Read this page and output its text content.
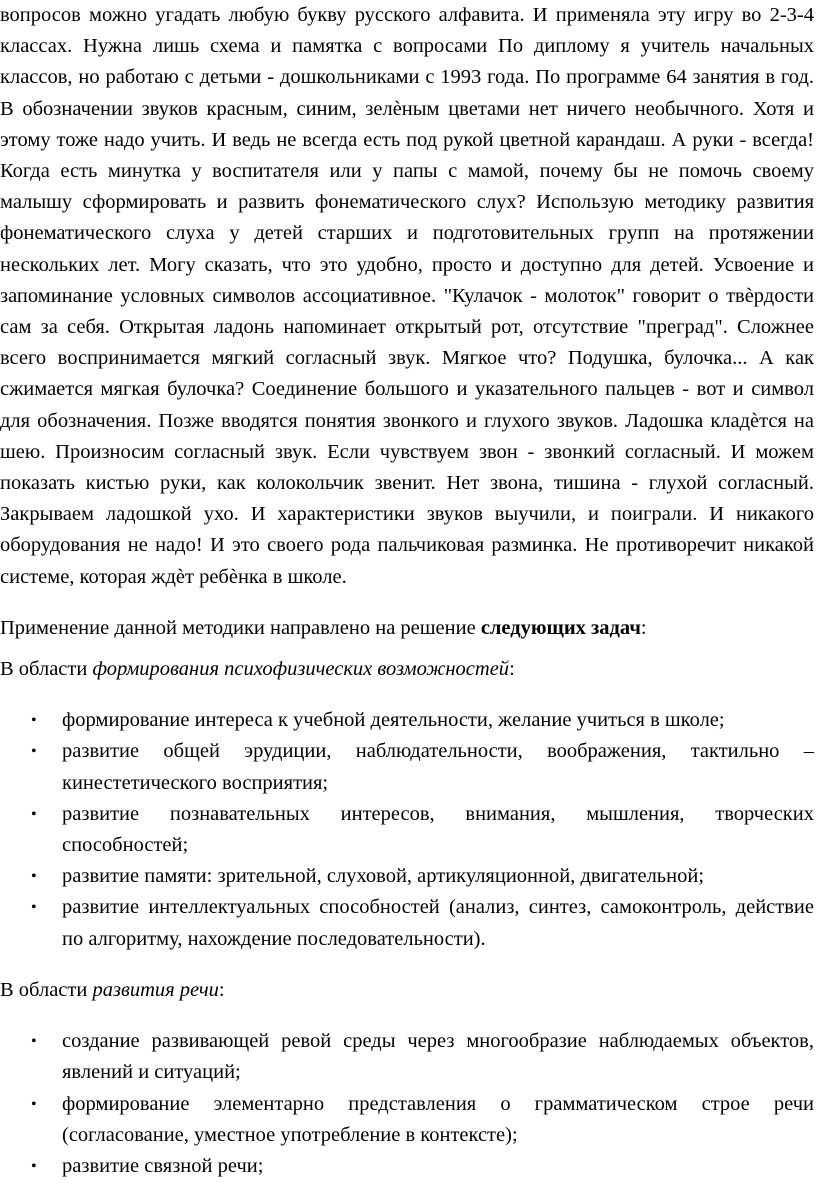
вопросов можно угадать любую букву русского алфавита. И применяла эту игру во 2-3-4 классах. Нужна лишь схема и памятка с вопросами По диплому я учитель начальных классов, но работаю с детьми - дошкольниками с 1993 года. По программе 64 занятия в год. В обозначении звуков красным, синим, зелѐным цветами нет ничего необычного. Хотя и этому тоже надо учить. И ведь не всегда есть под рукой цветной карандаш. А руки - всегда! Когда есть минутка у воспитателя или у папы с мамой, почему бы не помочь своему малышу сформировать и развить фонематического слух? Использую методику развития фонематического слуха у детей старших и подготовительных групп на протяжении нескольких лет. Могу сказать, что это удобно, просто и доступно для детей. Усвоение и запоминание условных символов ассоциативное. "Кулачок - молоток" говорит о твѐрдости сам за себя. Открытая ладонь напоминает открытый рот, отсутствие "преград". Сложнее всего воспринимается мягкий согласный звук. Мягкое что? Подушка, булочка... А как сжимается мягкая булочка? Соединение большого и указательного пальцев - вот и символ для обозначения. Позже вводятся понятия звонкого и глухого звуков. Ладошка кладѐтся на шею. Произносим согласный звук. Если чувствуем звон - звонкий согласный. И можем показать кистью руки, как колокольчик звенит. Нет звона, тишина - глухой согласный. Закрываем ладошкой ухо. И характеристики звуков выучили, и поиграли. И никакого оборудования не надо! И это своего рода пальчиковая разминка. Не противоречит никакой системе, которая ждѐт ребѐнка в школе.

Применение данной методики направлено на решение следующих задач:

В области формирования психофизических возможностей:

• формирование интереса к учебной деятельности, желание учиться в школе;
• развитие общей эрудиции, наблюдательности, воображения, тактильно – кинестетического восприятия;
• развитие познавательных интересов, внимания, мышления, творческих способностей;
• развитие памяти: зрительной, слуховой, артикуляционной, двигательной;
• развитие интеллектуальных способностей (анализ, синтез, самоконтроль, действие по алгоритму, нахождение последовательности).

В области развития речи:

• создание развивающей ревой среды через многообразие наблюдаемых объектов, явлений и ситуаций;
• формирование элементарно представления о грамматическом строе речи (согласование, уместное употребление в контексте);
• развитие связной речи;
